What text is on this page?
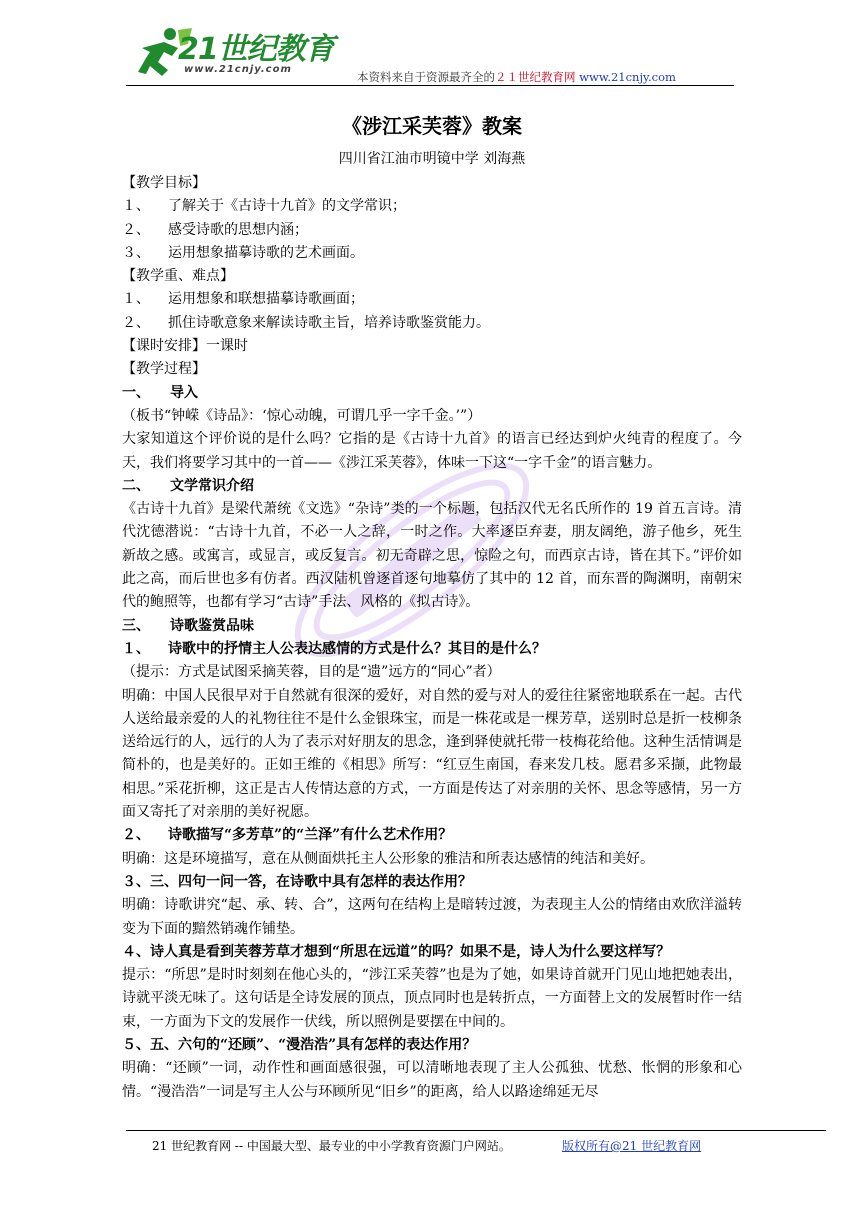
21世纪教育
www.21cnjy.com
本资料来自于资源最齐全的２１世纪教育网 www.21cnjy.com
《涉江采芙蓉》教案
四川省江油市明镜中学 刘海燕
【教学目标】
１、 了解关于《古诗十九首》的文学常识；
２、 感受诗歌的思想内涵；
３、 运用想象描摹诗歌的艺术画面。
【教学重、难点】
１、 运用想象和联想描摹诗歌画面；
２、 抓住诗歌意象来解读诗歌主旨，培养诗歌鉴赏能力。
【课时安排】一课时
【教学过程】
一、 导入
（板书“钟嵘《诗品》：‘惊心动魄，可谓几乎一字千金。’”）
大家知道这个评价说的是什么吗？它指的是《古诗十九首》的语言已经达到炉火纯青的程度了。今天，我们将要学习其中的一首——《涉江采芙蓉》，体味一下这“一字千金”的语言魅力。
二、 文学常识介绍
《古诗十九首》是梁代萧统《文选》“杂诗”类的一个标题，包括汉代无名氏所作的 19 首五言诗。清代沈德潜说：“古诗十九首，不必一人之辞，一时之作。大率逐臣弃妻，朋友阔绝，游子他乡，死生新故之感。或寓言，或显言，或反复言。初无奇辟之思，惊险之句，而西京古诗，皆在其下。”评价如此之高，而后世也多有仿者。西汉陆机曾逐首逐句地摹仿了其中的 12 首，而东晋的陶渊明，南朝宋代的鲍照等，也都有学习“古诗”手法、风格的《拟古诗》。
三、 诗歌鉴赏品味
１、 诗歌中的抒情主人公表达感情的方式是什么？其目的是什么？
（提示：方式是试图采摘芙蓉，目的是“遗”远方的“同心”者）
明确：中国人民很早对于自然就有很深的爱好，对自然的爱与对人的爱往往紧密地联系在一起。古代人送给最亲爱的人的礼物往往不是什么金银珠宝，而是一株花或是一棵芳草，送别时总是折一枝柳条送给远行的人，远行的人为了表示对好朋友的思念，逢到驿使就托带一枝梅花给他。这种生活情调是简朴的，也是美好的。正如王维的《相思》所写：“红豆生南国，春来发几枝。愿君多采撷，此物最相思。”采花折柳，这正是古人传情达意的方式，一方面是传达了对亲朋的关怀、思念等感情，另一方面又寄托了对亲朋的美好祝愿。
２、 诗歌描写“多芳草”的“兰泽”有什么艺术作用？
明确：这是环境描写，意在从侧面烘托主人公形象的雅洁和所表达感情的纯洁和美好。
３、三、四句一问一答，在诗歌中具有怎样的表达作用？
明确：诗歌讲究“起、承、转、合”，这两句在结构上是暗转过渡，为表现主人公的情绪由欢欣洋溢转变为下面的黯然销魂作铺垫。
４、诗人真是看到芙蓉芳草才想到“所思在远道”的吗？如果不是，诗人为什么要这样写？
提示：“所思”是时时刻刻在他心头的，“涉江采芙蓉”也是为了她，如果诗首就开门见山地把她表出，诗就平淡无味了。这句话是全诗发展的顶点，顶点同时也是转折点，一方面替上文的发展暂时作一结束，一方面为下文的发展作一伏线，所以照例是要摆在中间的。
５、五、六句的“还顾”、“漫浩浩”具有怎样的表达作用？
明确：“还顾”一词，动作性和画面感很强，可以清晰地表现了主人公孤独、忧愁、怅惘的形象和心情。“漫浩浩”一词是写主人公与环顾所见“旧乡”的距离，给人以路途绵延无尽
21 世纪教育网 -- 中国最大型、最专业的中小学教育资源门户网站。	版权所有@21 世纪教育网
